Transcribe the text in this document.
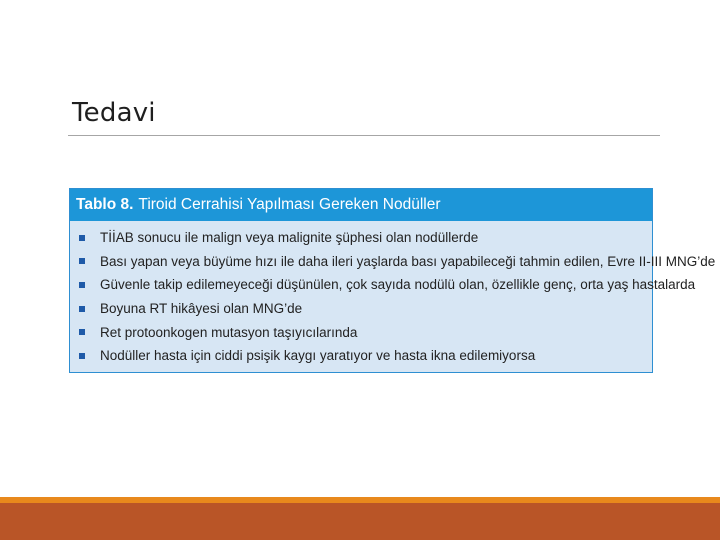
Tedavi
Tablo 8. Tiroid Cerrahisi Yapılması Gereken Nodüller
TİİAB sonucu ile malign veya malignite şüphesi olan nodüllerde
Bası yapan veya büyüme hızı ile daha ileri yaşlarda bası yapabileceği tahmin edilen, Evre II-III MNG’de
Güvenle takip edilemeyeceği düşünülen, çok sayıda nodülü olan, özellikle genç, orta yaş hastalarda
Boyuna RT hikâyesi olan MNG’de
Ret protoonkogen mutasyon taşıyıcılarında
Nodüller hasta için ciddi psişik kaygı yaratıyor ve hasta ikna edilemiyorsa
